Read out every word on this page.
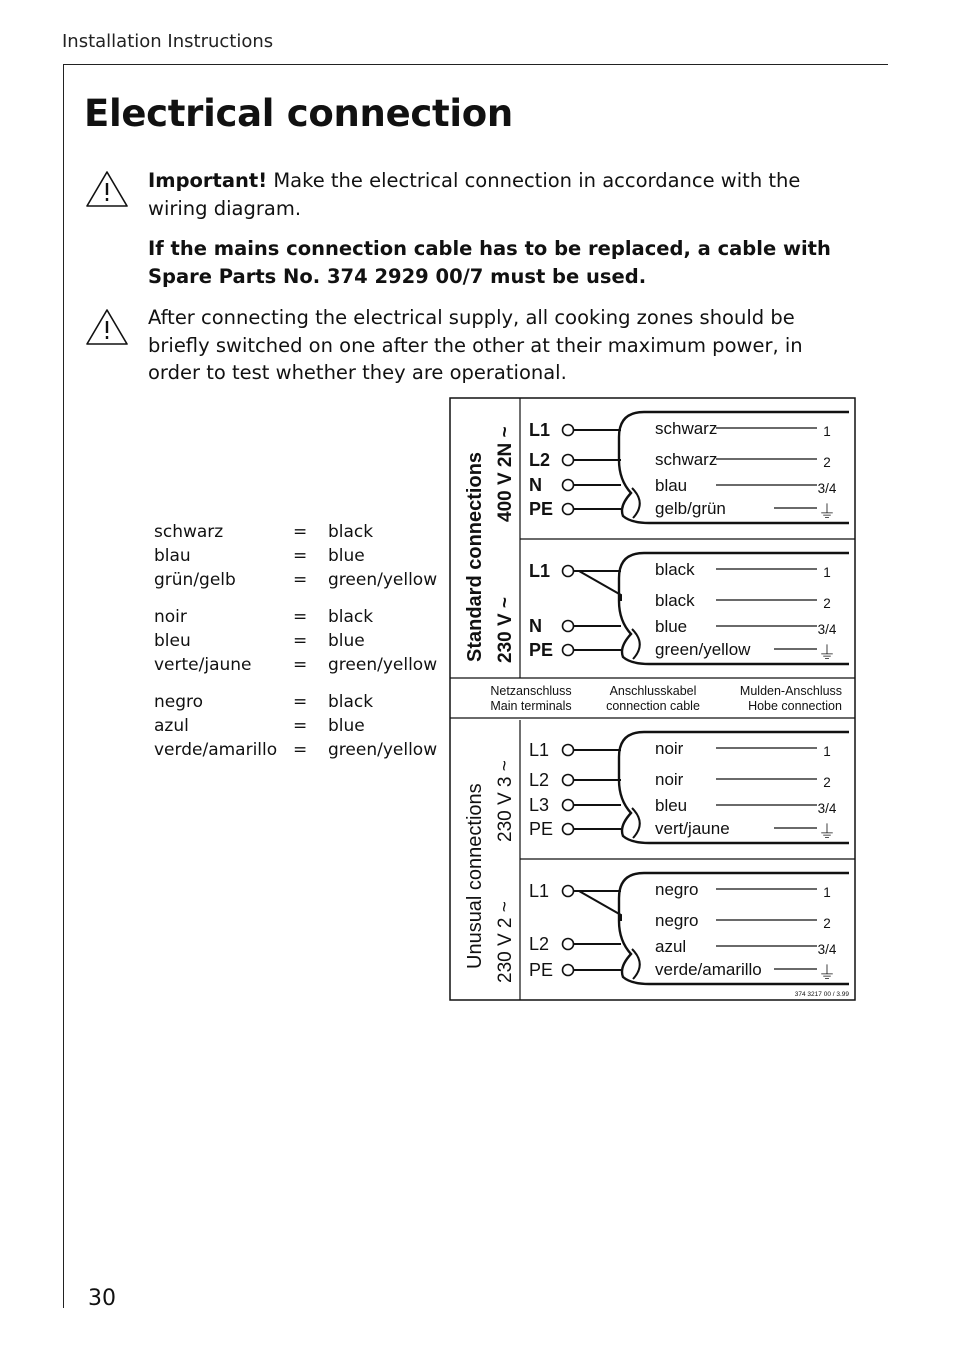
Installation Instructions
Electrical connection

Important! Make the electrical connection in accordance with the wiring diagram.

If the mains connection cable has to be replaced, a cable with Spare Parts No. 374 2929 00/7 must be used.

After connecting the electrical supply, all cooking zones should be briefly switched on one after the other at their maximum power, in order to test whether they are operational.

schwarz	= black
blau	= blue
grün/gelb	= green/yellow
noir	= black
bleu	= blue
verte/jaune = green/yellow
negro	= black
azul	= blue
verde/amarillo = green/yellow
Standard connections
Unusual connections
Netzanschluss
Main terminals
Anschlusskabel
connection cable
Mulden-Anschluss
Hobe connection
374 3217 00 / 3.99
400 V 2N ~ L1
L2
N
PE
schwarz
schwarz
blau
gelb/grün
1
2
3/4
⏚
230 V ~
L1
N
PE
black
black
blue
green/yellow
1
2
3/4
⏚
230 V 3 ~
L1
L2
L3
PE
noir
noir
bleu
vert/jaune
1
2
3/4
⏚
230 V 2 ~
L1
L2
PE
negro
negro
azul
verde/amarillo
1
2
3/4
⏚
30
